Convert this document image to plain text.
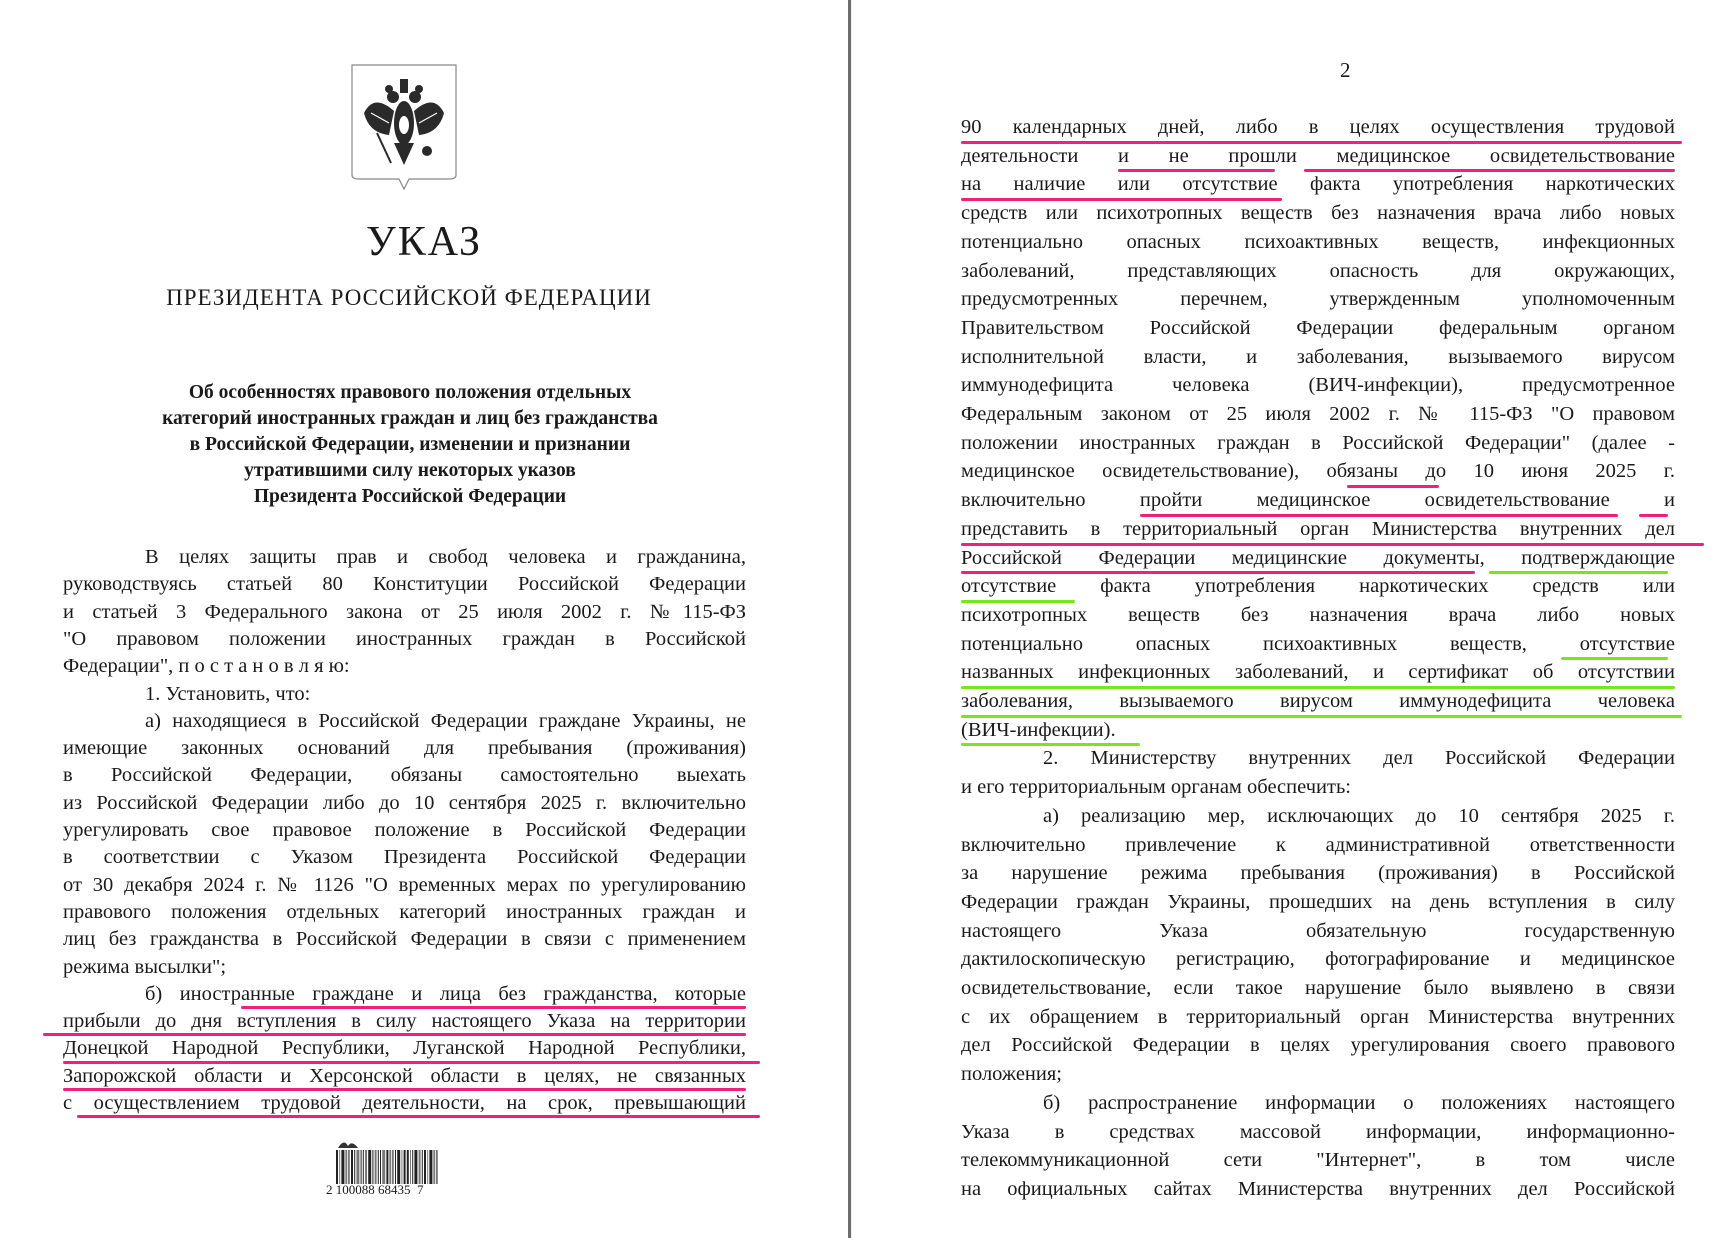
УКАЗ
ПРЕЗИДЕНТА РОССИЙСКОЙ ФЕДЕРАЦИИ
Об особенностях правового положения отдельных
категорий иностранных граждан и лиц без гражданства
в Российской Федерации, изменении и признании
утратившими силу некоторых указов
Президента Российской Федерации
В целях защиты прав и свобод человека и гражданина,
руководствуясь статьей 80 Конституции Российской Федерации
и статьей 3 Федерального закона от 25 июля 2002 г. №115-ФЗ
"О правовом положении иностранных граждан в Российской
Федерации", п о с т а н о в л я ю:
1. Установить, что:
а) находящиеся в Российской Федерации граждане Украины, не
имеющие законных оснований для пребывания (проживания)
в Российской Федерации, обязаны самостоятельно выехать
из Российской Федерации либо до 10 сентября 2025 г. включительно
урегулировать свое правовое положение в Российской Федерации
в соответствии с Указом Президента Российской Федерации
от 30 декабря 2024 г. № 1126 "О временных мерах по урегулированию
правового положения отдельных категорий иностранных граждан и
лиц без гражданства в Российской Федерации в связи с применением
режима высылки";
б) иностранные граждане и лица без гражданства, которые
прибыли до дня вступления в силу настоящего Указа на территории
Донецкой Народной Республики, Луганской Народной Республики,
Запорожской области и Херсонской области в целях, не связанных
с осуществлением трудовой деятельности, на срок, превышающий
2 100088 68435  7
2
90 календарных дней, либо в целях осуществления трудовой
деятельности и не прошли медицинское освидетельствование
на наличие или отсутствие факта употребления наркотических
средств или психотропных веществ без назначения врача либо новых
потенциально опасных психоактивных веществ, инфекционных
заболеваний, представляющих опасность для окружающих,
предусмотренных перечнем, утвержденным уполномоченным
Правительством Российской Федерации федеральным органом
исполнительной власти, и заболевания, вызываемого вирусом
иммунодефицита человека (ВИЧ-инфекции), предусмотренное
Федеральным законом от 25 июля 2002 г. № 115-ФЗ "О правовом
положении иностранных граждан в Российской Федерации" (далее -
медицинское освидетельствование), обязаны до 10 июня 2025 г.
включительно пройти медицинское освидетельствование и
представить в территориальный орган Министерства внутренних дел
Российской Федерации медицинские документы, подтверждающие
отсутствие факта употребления наркотических средств или
психотропных веществ без назначения врача либо новых
потенциально опасных психоактивных веществ, отсутствие
названных инфекционных заболеваний, и сертификат об отсутствии
заболевания, вызываемого вирусом иммунодефицита человека
(ВИЧ-инфекции).
2. Министерству внутренних дел Российской Федерации
и его территориальным органам обеспечить:
а) реализацию мер, исключающих до 10 сентября 2025 г.
включительно привлечение к административной ответственности
за нарушение режима пребывания (проживания) в Российской
Федерации граждан Украины, прошедших на день вступления в силу
настоящего Указа обязательную государственную
дактилоскопическую регистрацию, фотографирование и медицинское
освидетельствование, если такое нарушение было выявлено в связи
с их обращением в территориальный орган Министерства внутренних
дел Российской Федерации в целях урегулирования своего правового
положения;
б) распространение информации о положениях настоящего
Указа в средствах массовой информации, информационно-
телекоммуникационной сети "Интернет", в том числе
на официальных сайтах Министерства внутренних дел Российской
